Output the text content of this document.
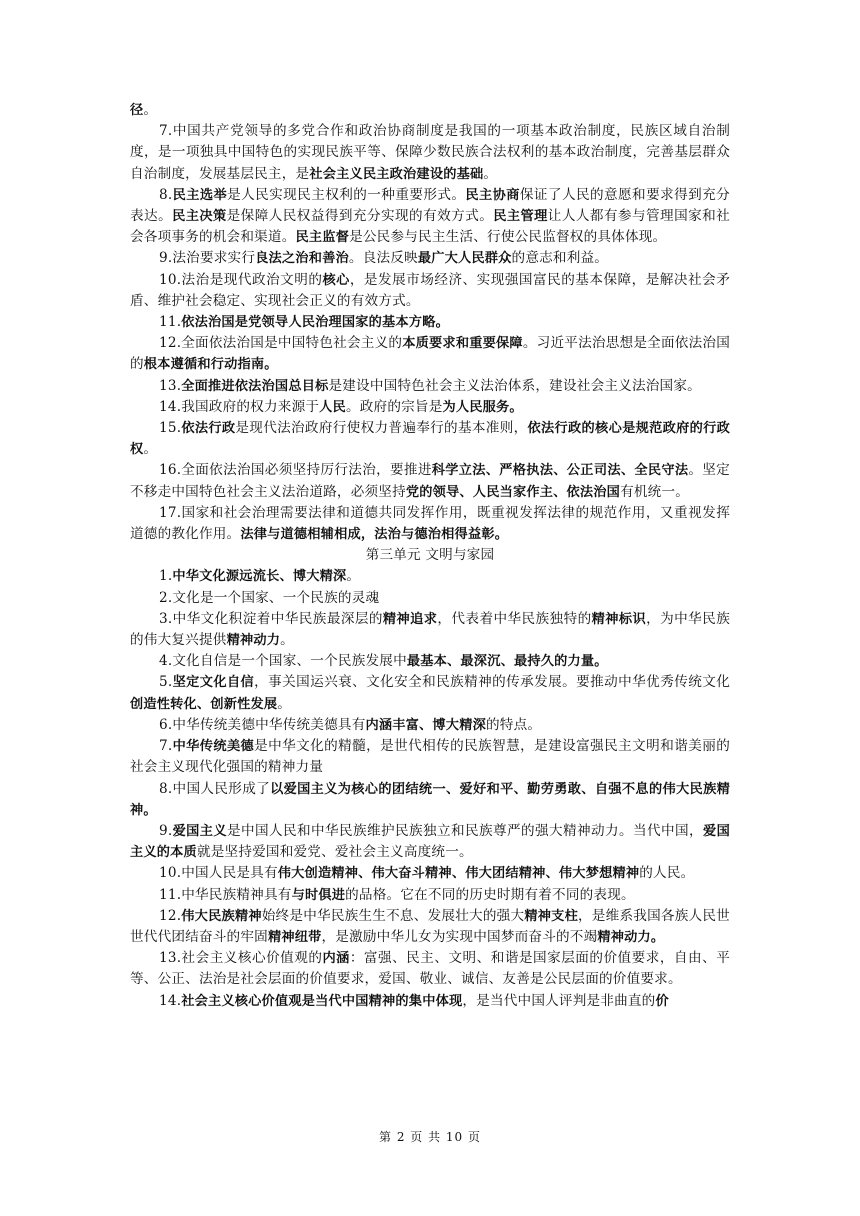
径。

7.中国共产党领导的多党合作和政治协商制度是我国的一项基本政治制度，民族区域自治制度，是一项独具中国特色的实现民族平等、保障少数民族合法权利的基本政治制度，完善基层群众自治制度，发展基层民主，是社会主义民主政治建设的基础。

8.民主选举是人民实现民主权利的一种重要形式。民主协商保证了人民的意愿和要求得到充分表达。民主决策是保障人民权益得到充分实现的有效方式。民主管理让人人都有参与管理国家和社会各项事务的机会和渠道。民主监督是公民参与民主生活、行使公民监督权的具体体现。

9.法治要求实行良法之治和善治。良法反映最广大人民群众的意志和利益。

10.法治是现代政治文明的核心，是发展市场经济、实现强国富民的基本保障，是解决社会矛盾、维护社会稳定、实现社会正义的有效方式。

11.依法治国是党领导人民治理国家的基本方略。

12.全面依法治国是中国特色社会主义的本质要求和重要保障。习近平法治思想是全面依法治国的根本遵循和行动指南。

13.全面推进依法治国总目标是建设中国特色社会主义法治体系，建设社会主义法治国家。

14.我国政府的权力来源于人民。政府的宗旨是为人民服务。

15.依法行政是现代法治政府行使权力普遍奉行的基本准则，依法行政的核心是规范政府的行政权。

16.全面依法治国必须坚持厉行法治，要推进科学立法、严格执法、公正司法、全民守法。坚定不移走中国特色社会主义法治道路，必须坚持党的领导、人民当家作主、依法治国有机统一。

17.国家和社会治理需要法律和道德共同发挥作用，既重视发挥法律的规范作用，又重视发挥道德的教化作用。法律与道德相辅相成，法治与德治相得益彰。

第三单元 文明与家园

1.中华文化源远流长、博大精深。

2.文化是一个国家、一个民族的灵魂

3.中华文化积淀着中华民族最深层的精神追求，代表着中华民族独特的精神标识，为中华民族的伟大复兴提供精神动力。

4.文化自信是一个国家、一个民族发展中最基本、最深沉、最持久的力量。

5.坚定文化自信，事关国运兴衰、文化安全和民族精神的传承发展。要推动中华优秀传统文化创造性转化、创新性发展。

6.中华传统美德中华传统美德具有内涵丰富、博大精深的特点。

7.中华传统美德是中华文化的精髓，是世代相传的民族智慧，是建设富强民主文明和谐美丽的社会主义现代化强国的精神力量

8.中国人民形成了以爱国主义为核心的团结统一、爱好和平、勤劳勇敢、自强不息的伟大民族精神。

9.爱国主义是中国人民和中华民族维护民族独立和民族尊严的强大精神动力。当代中国，爱国主义的本质就是坚持爱国和爱党、爱社会主义高度统一。

10.中国人民是具有伟大创造精神、伟大奋斗精神、伟大团结精神、伟大梦想精神的人民。

11.中华民族精神具有与时俱进的品格。它在不同的历史时期有着不同的表现。

12.伟大民族精神始终是中华民族生生不息、发展壮大的强大精神支柱，是维系我国各族人民世世代代团结奋斗的牢固精神纽带，是激励中华儿女为实现中国梦而奋斗的不竭精神动力。

13.社会主义核心价值观的内涵：富强、民主、文明、和谐是国家层面的价值要求，自由、平等、公正、法治是社会层面的价值要求，爱国、敬业、诚信、友善是公民层面的价值要求。

14.社会主义核心价值观是当代中国精神的集中体现，是当代中国人评判是非曲直的价

第 2 页 共 10 页
